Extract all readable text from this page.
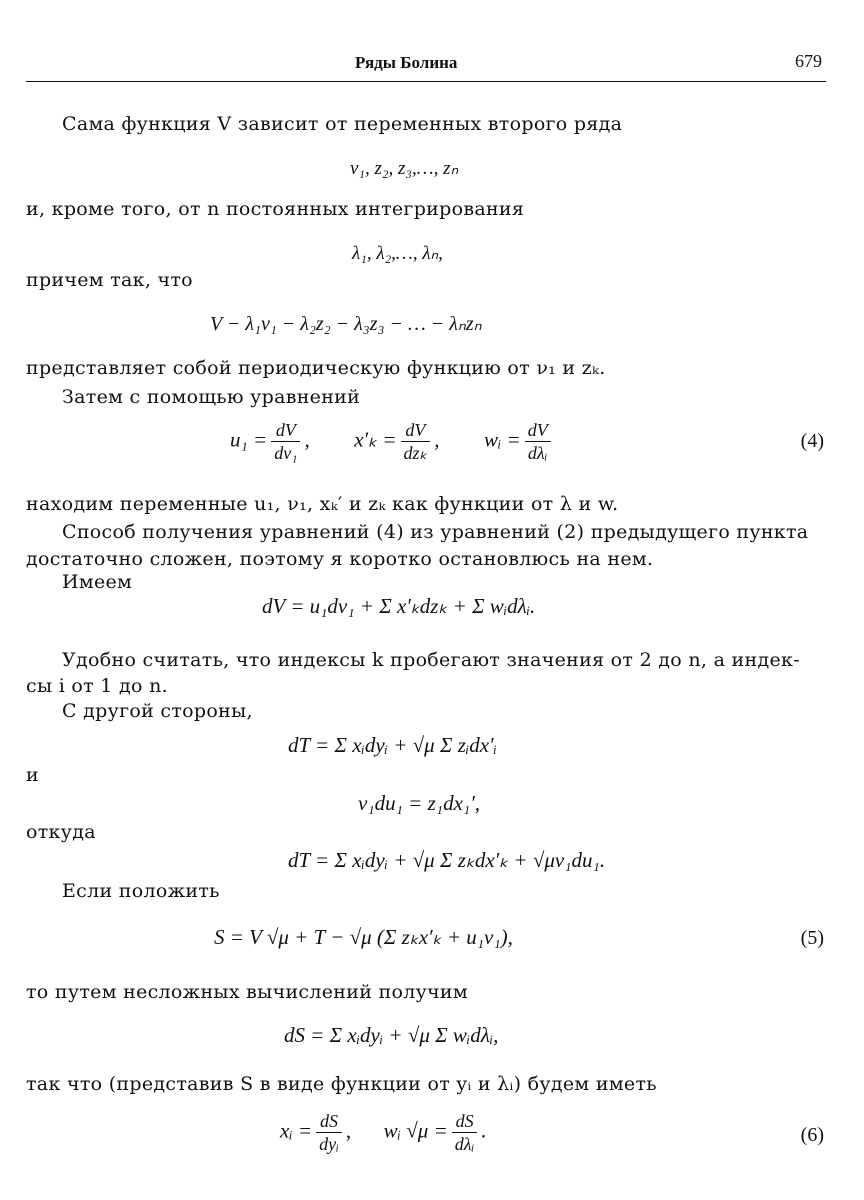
Ряды Болина	679
Сама функция V зависит от переменных второго ряда
ν₁, z₂, z₃,…, zₙ
и, кроме того, от n постоянных интегрирования
λ₁, λ₂,…, λₙ,
причем так, что
V − λ₁ν₁ − λ₂z₂ − λ₃z₃ − … − λₙzₙ
представляет собой периодическую функцию от ν₁ и zₖ.
Затем с помощью уравнений
$u_1 = \frac{dV}{\text{dν₁}}$ , $x'_k = \frac{dV}{\text{dzₖ}}$ , wᵢ = $\frac{dV}{\text{dλᵢ}}$	(4)
находим переменные u₁, ν₁, xₖ′ и zₖ как функции от λ и w.
Способ получения уравнений (4) из уравнений (2) предыдущего пункта
достаточно сложен, поэтому я коротко остановлюсь на нем.
Имеем
dV = u₁dν₁ + Σ x′ₖdzₖ + Σ wᵢdλᵢ.
Удобно считать, что индексы k пробегают значения от 2 до n, а индек-
сы i от 1 до n.
С другой стороны,
dT = Σ xᵢdyᵢ + √μ Σ zᵢdx′ᵢ
и
ν₁du₁ = z₁dx₁′,
откуда
dT = Σ xᵢdyᵢ + √μ Σ zₖdx′ₖ + √μν₁du₁.
Если положить
S = V √μ + T − √μ (Σ zₖx′ₖ + u₁ν₁),	(5)
то путем несложных вычислений получим
dS = Σ xᵢdyᵢ + √μ Σ wᵢdλᵢ,
так что (представив S в виде функции от yᵢ и λᵢ) будем иметь
xᵢ = $\frac{dS}{\text{dyᵢ}}$ , wᵢ $√\mu = \frac{dS}{\text{dλᵢ}}$ .	(6)
